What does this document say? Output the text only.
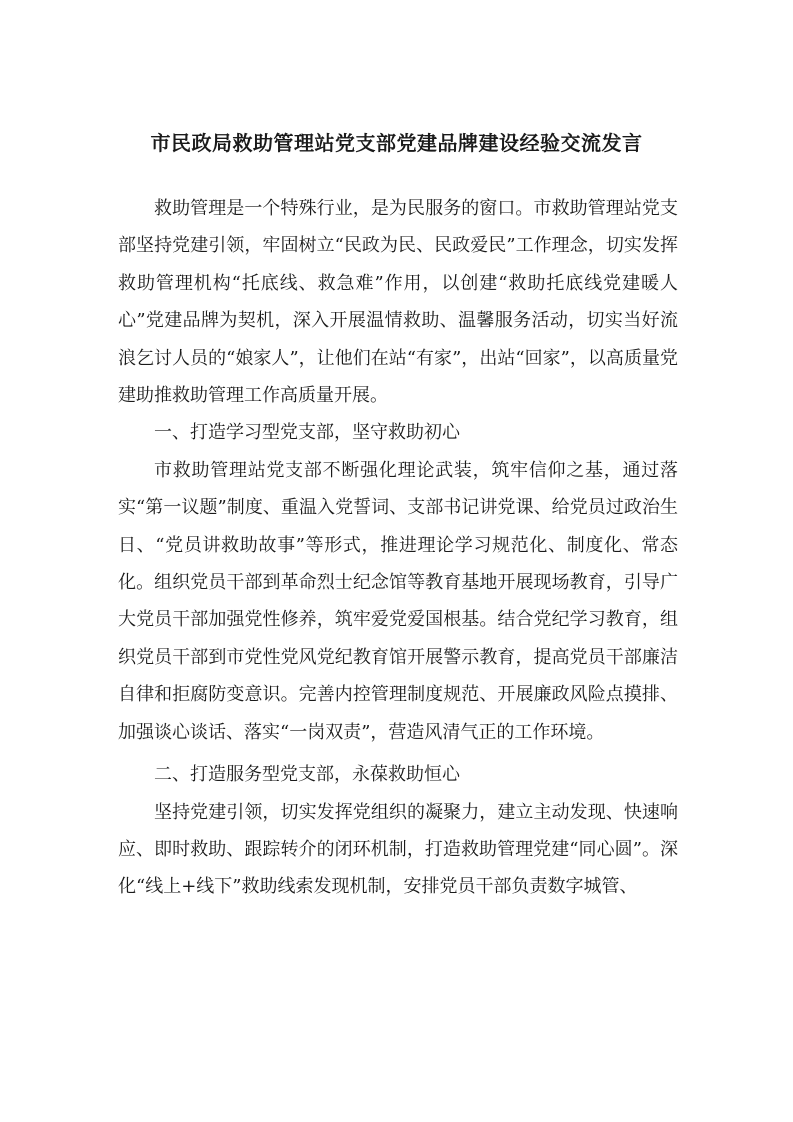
市民政局救助管理站党支部党建品牌建设经验交流发言

救助管理是一个特殊行业，是为民服务的窗口。市救助管理站党支部坚持党建引领，牢固树立“民政为民、民政爱民”工作理念，切实发挥救助管理机构“托底线、救急难”作用，以创建“救助托底线党建暖人心”党建品牌为契机，深入开展温情救助、温馨服务活动，切实当好流浪乞讨人员的“娘家人”，让他们在站“有家”，出站“回家”，以高质量党建助推救助管理工作高质量开展。

一、打造学习型党支部，坚守救助初心

市救助管理站党支部不断强化理论武装，筑牢信仰之基，通过落实“第一议题”制度、重温入党誓词、支部书记讲党课、给党员过政治生日、“党员讲救助故事”等形式，推进理论学习规范化、制度化、常态化。组织党员干部到革命烈士纪念馆等教育基地开展现场教育，引导广大党员干部加强党性修养，筑牢爱党爱国根基。结合党纪学习教育，组织党员干部到市党性党风党纪教育馆开展警示教育，提高党员干部廉洁自律和拒腐防变意识。完善内控管理制度规范、开展廉政风险点摸排、加强谈心谈话、落实“一岗双责”，营造风清气正的工作环境。

二、打造服务型党支部，永葆救助恒心

坚持党建引领，切实发挥党组织的凝聚力，建立主动发现、快速响应、即时救助、跟踪转介的闭环机制，打造救助管理党建“同心圆”。深化“线上+线下”救助线索发现机制，安排党员干部负责数字城管、
